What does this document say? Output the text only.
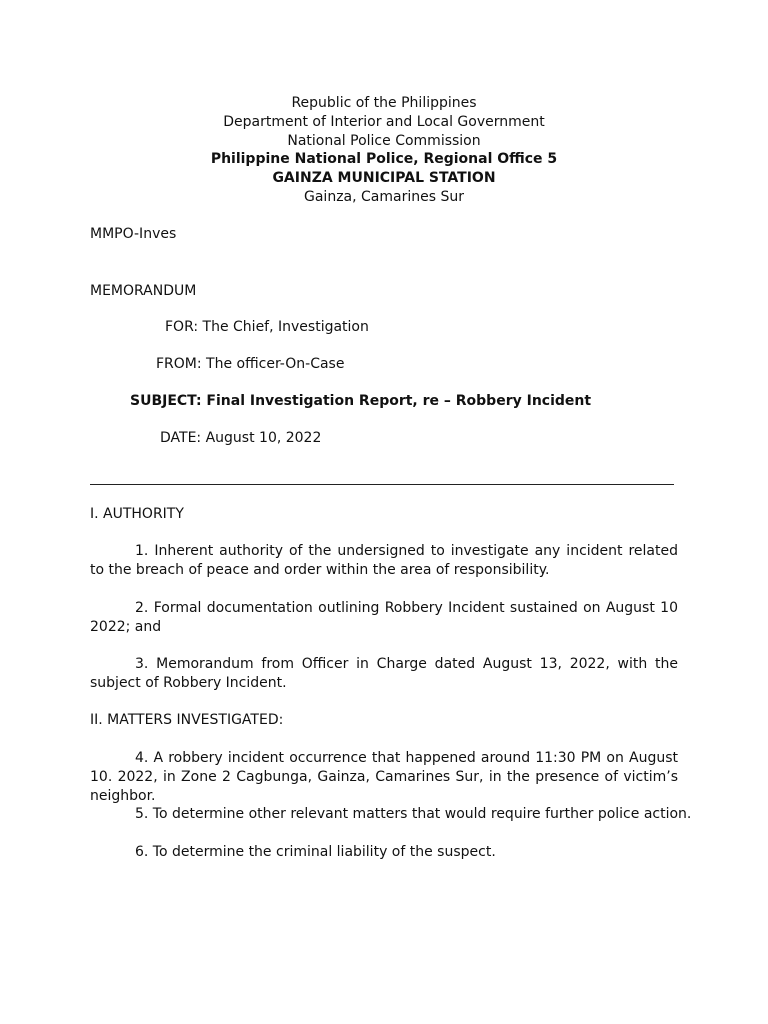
Republic of the Philippines
Department of Interior and Local Government
National Police Commission
Philippine National Police, Regional Office 5
GAINZA MUNICIPAL STATION
Gainza, Camarines Sur
MMPO-Inves
MEMORANDUM
FOR: The Chief, Investigation
FROM: The officer-On-Case
SUBJECT: Final Investigation Report, re – Robbery Incident
DATE: August 10, 2022
I. AUTHORITY
1. Inherent authority of the undersigned to investigate any incident related to the breach of peace and order within the area of responsibility.
2. Formal documentation outlining Robbery Incident sustained on August 10 2022; and
3. Memorandum from Officer in Charge dated August 13, 2022, with the subject of Robbery Incident.
II. MATTERS INVESTIGATED:
4. A robbery incident occurrence that happened around 11:30 PM on August 10. 2022, in Zone 2 Cagbunga, Gainza, Camarines Sur, in the presence of victim’s neighbor.
5. To determine other relevant matters that would require further police action.
6. To determine the criminal liability of the suspect.
